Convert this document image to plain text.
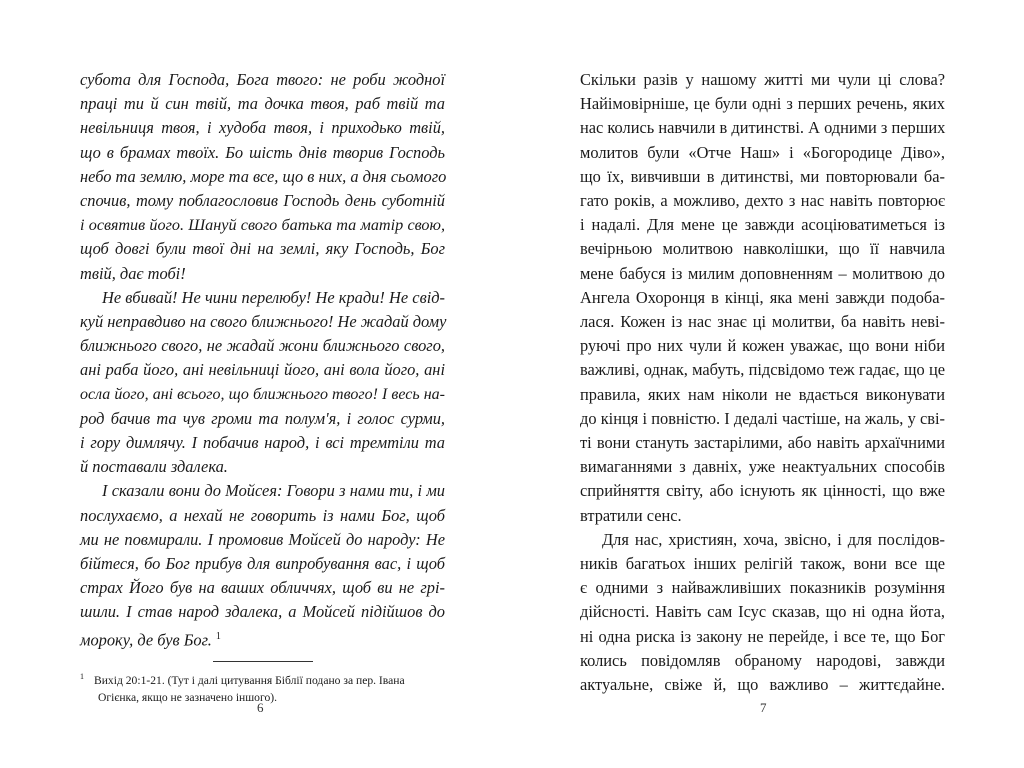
субота для Господа, Бога твого: не роби жодної
праці ти й син твій, та дочка твоя, раб твій та
невільниця твоя, і худоба твоя, і приходько твій,
що в брамах твоїх. Бо шість днів творив Господь
небо та землю, море та все, що в них, а дня сьомого
спочив, тому поблагословив Господь день суботній
і освятив його. Шануй свого батька та матір свою,
щоб довгі були твої дні на землі, яку Господь, Бог
твій, дає тобі!

Не вбивай! Не чини перелюбу! Не кради! Не свід-
куй неправдиво на свого ближнього! Не жадай дому
ближнього свого, не жадай жони ближнього свого,
ані раба його, ані невільниці його, ані вола його, ані
осла його, ані всього, що ближнього твого! І весь на-
род бачив та чув громи та полум'я, і голос сурми,
і гору димлячу. І побачив народ, і всі тремтіли та
й поставали здалека.

І сказали вони до Мойсея: Говори з нами ти, і ми
послухаємо, а нехай не говорить із нами Бог, щоб
ми не повмирали. І промовив Мойсей до народу: Не
бійтеся, бо Бог прибув для випробування вас, і щоб
страх Його був на ваших обличчях, щоб ви не грі-
шили. І став народ здалека, а Мойсей підійшов до
мороку, де був Бог. $^1$

$^1$ Вихід 20:1-21. (Тут і далі цитування Біблії подано за пер. Івана
Огієнка, якщо не зазначено іншого).

Скільки разів у нашому житті ми чули ці слова?
Найімовірніше, це були одні з перших речень, яких
нас колись навчили в дитинстві. А одними з перших
молитов були «Отче Наш» і «Богородице Діво»,
що їх, вивчивши в дитинстві, ми повторювали ба-
гато років, а можливо, дехто з нас навіть повторює
і надалі. Для мене це завжди асоціюватиметься із
вечірньою молитвою навколішки, що її навчила
мене бабуся із милим доповненням – молитвою до
Ангела Охоронця в кінці, яка мені завжди подоба-
лася. Кожен із нас знає ці молитви, ба навіть неві-
руючі про них чули й кожен уважає, що вони ніби
важливі, однак, мабуть, підсвідомо теж гадає, що це
правила, яких нам ніколи не вдається виконувати
до кінця і повністю. І дедалі частіше, на жаль, у сві-
ті вони стануть застарілими, або навіть архаїчними
вимаганнями з давніх, уже неактуальних способів
сприйняття світу, або існують як цінності, що вже
втратили сенс.

Для нас, християн, хоча, звісно, і для послідов-
ників багатьох інших релігій також, вони все ще
є одними з найважливіших показників розуміння
дійсності. Навіть сам Ісус сказав, що ні одна йота,
ні одна риска із закону не перейде, і все те, що Бог
колись повідомляв обраному народові, завжди
актуальне, свіже й, що важливо – життєдайне.

6	7
